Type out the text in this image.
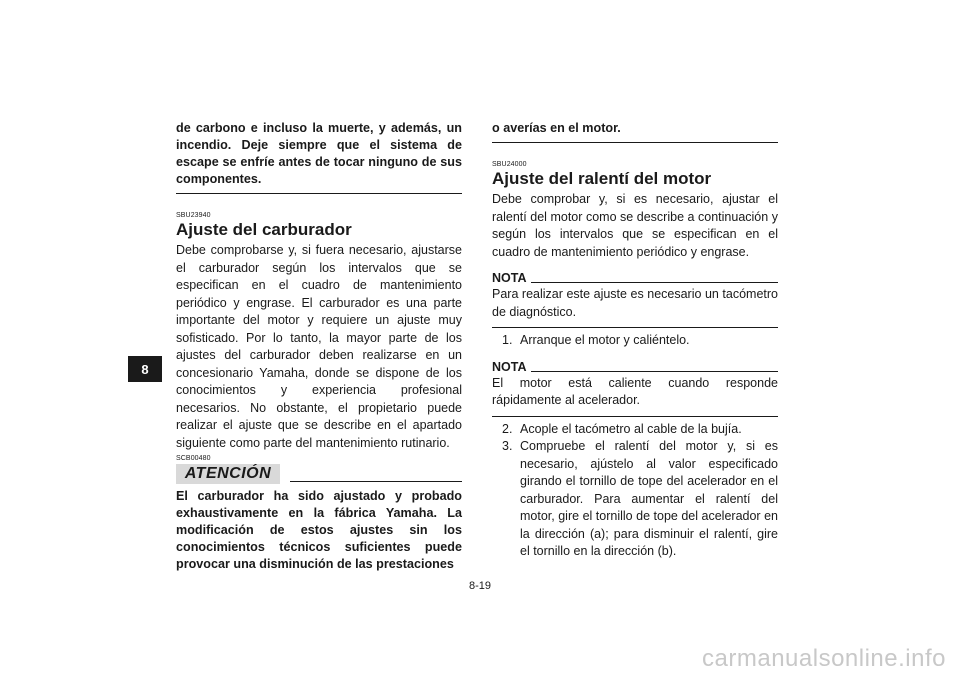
8

de carbono e incluso la muerte, y además, un incendio. Deje siempre que el sistema de escape se enfríe antes de tocar ninguno de sus componentes.

SBU23940

Ajuste del carburador

Debe comprobarse y, si fuera necesario, ajustarse el carburador según los intervalos que se especifican en el cuadro de mantenimiento periódico y engrase. El carburador es una parte importante del motor y requiere un ajuste muy sofisticado. Por lo tanto, la mayor parte de los ajustes del carburador deben realizarse en un concesionario Yamaha, donde se dispone de los conocimientos y experiencia profesional necesarios. No obstante, el propietario puede realizar el ajuste que se describe en el apartado siguiente como parte del mantenimiento rutinario.

SCB00480

ATENCIÓN

El carburador ha sido ajustado y probado exhaustivamente en la fábrica Yamaha. La modificación de estos ajustes sin los conocimientos técnicos suficientes puede provocar una disminución de las prestaciones

o averías en el motor.

SBU24000

Ajuste del ralentí del motor

Debe comprobar y, si es necesario, ajustar el ralentí del motor como se describe a continuación y según los intervalos que se especifican en el cuadro de mantenimiento periódico y engrase.

NOTA

Para realizar este ajuste es necesario un tacómetro de diagnóstico.

1. Arranque el motor y caliéntelo.
NOTA

El motor está caliente cuando responde rápidamente al acelerador.

2. Acople el tacómetro al cable de la bujía.
3. Compruebe el ralentí del motor y, si es necesario, ajústelo al valor especificado girando el tornillo de tope del acelerador en el carburador. Para aumentar el ralentí del motor, gire el tornillo de tope del acelerador en la dirección (a); para disminuir el ralentí, gire el tornillo en la dirección (b).
8-19
carmanualsonline.info
